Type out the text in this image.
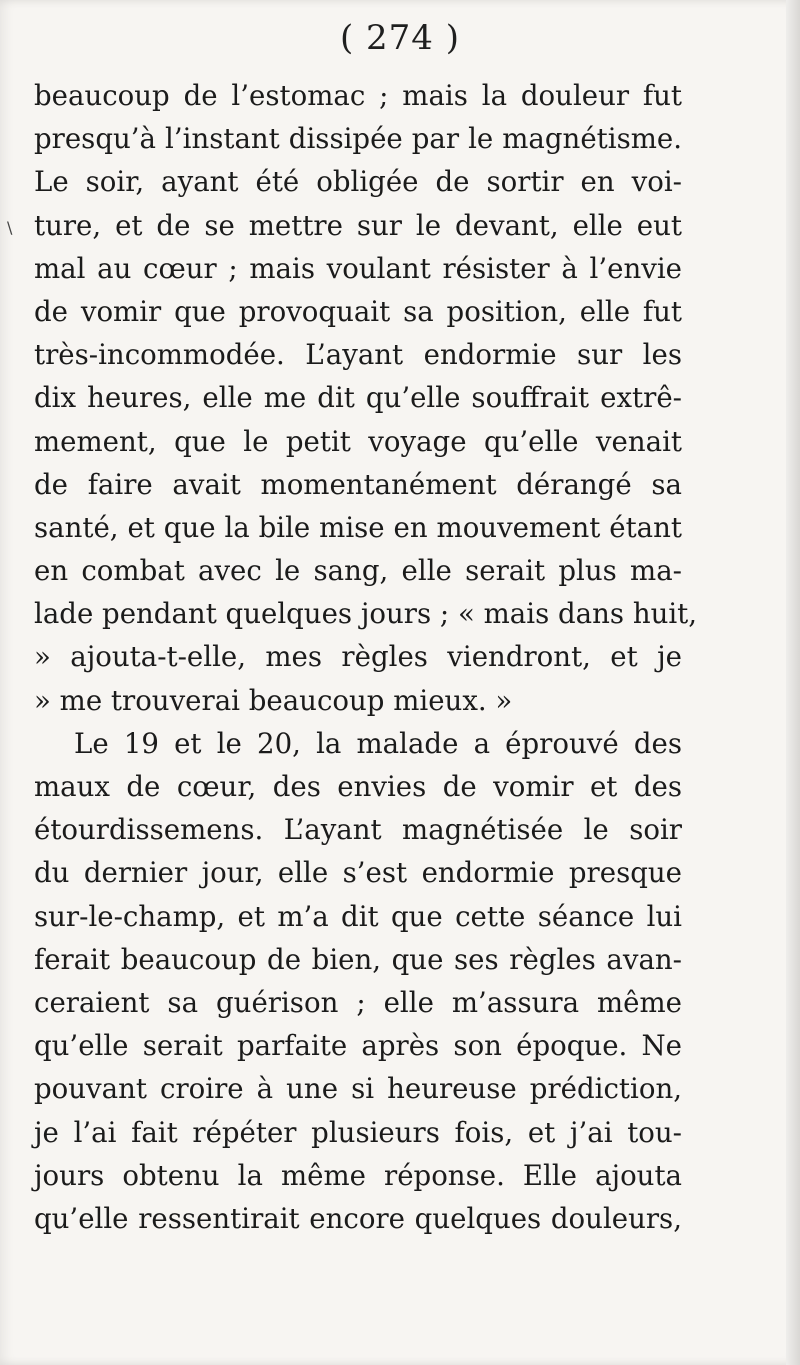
( 274 )
\
beaucoup de l’estomac ; mais la douleur fut
presqu’à l’instant dissipée par le magnétisme.
Le soir, ayant été obligée de sortir en voi-
ture, et de se mettre sur le devant, elle eut
mal au cœur ; mais voulant résister à l’envie
de vomir que provoquait sa position, elle fut
très-incommodée. L’ayant endormie sur les
dix heures, elle me dit qu’elle souffrait extrê-
mement, que le petit voyage qu’elle venait
de faire avait momentanément dérangé sa
santé, et que la bile mise en mouvement étant
en combat avec le sang, elle serait plus ma-
lade pendant quelques jours ; « mais dans huit,
» ajouta-t-elle, mes règles viendront, et je
» me trouverai beaucoup mieux. »
Le 19 et le 20, la malade a éprouvé des
maux de cœur, des envies de vomir et des
étourdissemens. L’ayant magnétisée le soir
du dernier jour, elle s’est endormie presque
sur-le-champ, et m’a dit que cette séance lui
ferait beaucoup de bien, que ses règles avan-
ceraient sa guérison ; elle m’assura même
qu’elle serait parfaite après son époque. Ne
pouvant croire à une si heureuse prédiction,
je l’ai fait répéter plusieurs fois, et j’ai tou-
jours obtenu la même réponse. Elle ajouta
qu’elle ressentirait encore quelques douleurs,
